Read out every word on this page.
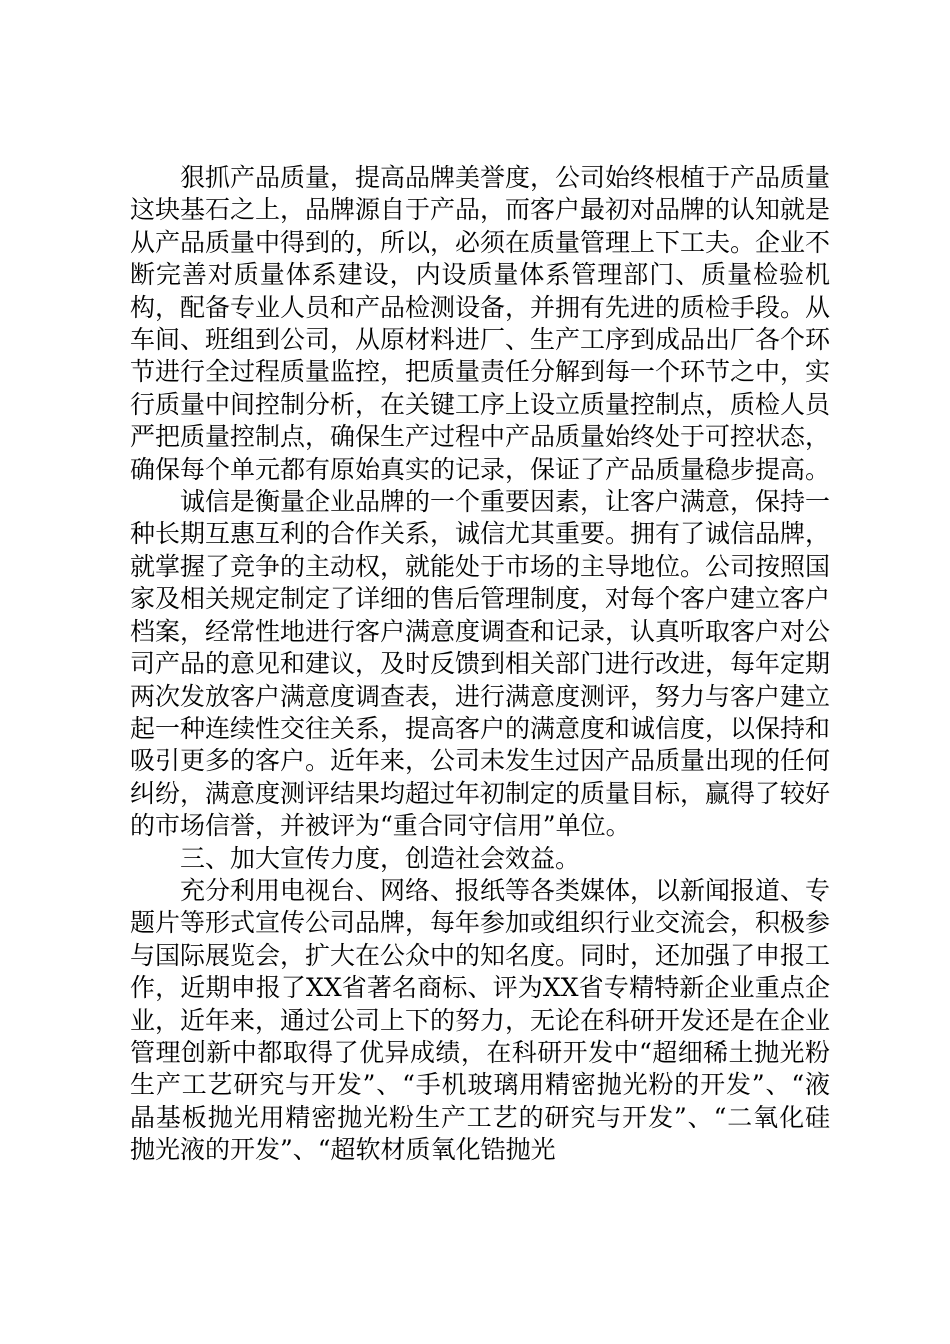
狠抓产品质量，提高品牌美誉度，公司始终根植于产品质量这块基石之上，品牌源自于产品，而客户最初对品牌的认知就是从产品质量中得到的，所以，必须在质量管理上下工夫。企业不断完善对质量体系建设，内设质量体系管理部门、质量检验机构，配备专业人员和产品检测设备，并拥有先进的质检手段。从车间、班组到公司，从原材料进厂、生产工序到成品出厂各个环节进行全过程质量监控，把质量责任分解到每一个环节之中，实行质量中间控制分析，在关键工序上设立质量控制点，质检人员严把质量控制点，确保生产过程中产品质量始终处于可控状态，确保每个单元都有原始真实的记录，保证了产品质量稳步提高。

诚信是衡量企业品牌的一个重要因素，让客户满意，保持一种长期互惠互利的合作关系，诚信尤其重要。拥有了诚信品牌，就掌握了竞争的主动权，就能处于市场的主导地位。公司按照国家及相关规定制定了详细的售后管理制度，对每个客户建立客户档案，经常性地进行客户满意度调查和记录，认真听取客户对公司产品的意见和建议，及时反馈到相关部门进行改进，每年定期两次发放客户满意度调查表，进行满意度测评，努力与客户建立起一种连续性交往关系，提高客户的满意度和诚信度，以保持和吸引更多的客户。近年来，公司未发生过因产品质量出现的任何纠纷，满意度测评结果均超过年初制定的质量目标，赢得了较好的市场信誉，并被评为“重合同守信用”单位。

三、加大宣传力度，创造社会效益。

充分利用电视台、网络、报纸等各类媒体，以新闻报道、专题片等形式宣传公司品牌，每年参加或组织行业交流会，积极参与国际展览会，扩大在公众中的知名度。同时，还加强了申报工作，近期申报了XX省著名商标、评为XX省专精特新企业重点企业，近年来，通过公司上下的努力，无论在科研开发还是在企业管理创新中都取得了优异成绩，在科研开发中“超细稀土抛光粉生产工艺研究与开发”、“手机玻璃用精密抛光粉的开发”、“液晶基板抛光用精密抛光粉生产工艺的研究与开发”、“二氧化硅抛光液的开发”、“超软材质氧化锆抛光
